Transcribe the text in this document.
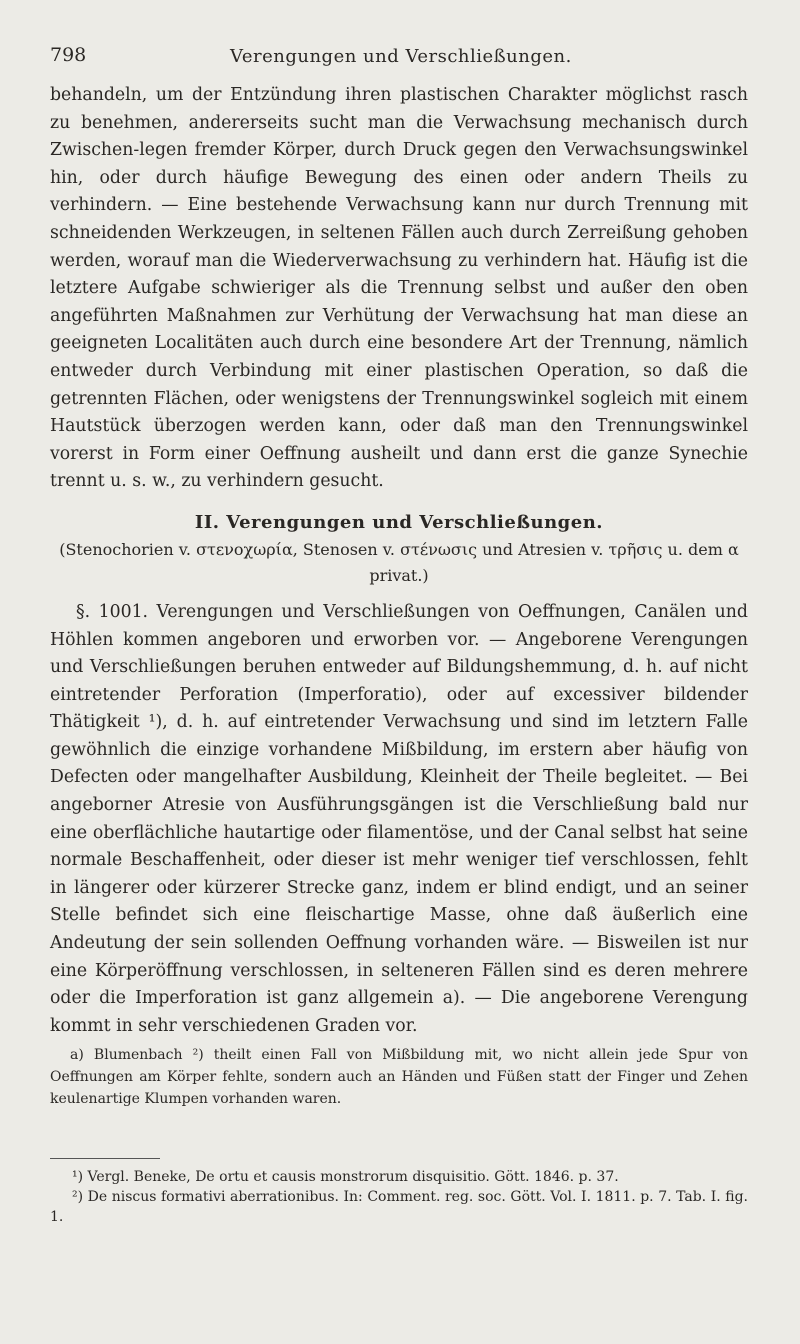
798	Verengungen und Verschließungen.

behandeln, um der Entzündung ihren plastischen Charakter möglichst rasch zu benehmen, andererseits sucht man die Verwachsung mechanisch durch Zwischen-legen fremder Körper, durch Druck gegen den Verwachsungswinkel hin, oder durch häufige Bewegung des einen oder andern Theils zu verhindern. — Eine bestehende Verwachsung kann nur durch Trennung mit schneidenden Werkzeugen, in seltenen Fällen auch durch Zerreißung gehoben werden, worauf man die Wiederverwachsung zu verhindern hat. Häufig ist die letztere Aufgabe schwieriger als die Trennung selbst und außer den oben angeführten Maßnahmen zur Verhütung der Verwachsung hat man diese an geeigneten Localitäten auch durch eine besondere Art der Trennung, nämlich entweder durch Verbindung mit einer plastischen Operation, so daß die getrennten Flächen, oder wenigstens der Trennungswinkel sogleich mit einem Hautstück überzogen werden kann, oder daß man den Trennungswinkel vorerst in Form einer Oeffnung ausheilt und dann erst die ganze Synechie trennt u. s. w., zu verhindern gesucht.

II. Verengungen und Verschließungen.
(Stenochorien v. στενοχωρία, Stenosen v. στένωσις und Atresien v. τρῆσις u. dem α privat.)

§. 1001. Verengungen und Verschließungen von Oeffnungen, Canälen und Höhlen kommen angeboren und erworben vor. — Angeborene Verengungen und Verschließungen beruhen entweder auf Bildungshemmung, d. h. auf nicht eintretender Perforation (Imperforatio), oder auf excessiver bildender Thätigkeit ¹), d. h. auf eintretender Verwachsung und sind im letztern Falle gewöhnlich die einzige vorhandene Mißbildung, im erstern aber häufig von Defecten oder mangelhafter Ausbildung, Kleinheit der Theile begleitet. — Bei angeborner Atresie von Ausführungsgängen ist die Verschließung bald nur eine oberflächliche hautartige oder filamentöse, und der Canal selbst hat seine normale Beschaffenheit, oder dieser ist mehr weniger tief verschlossen, fehlt in längerer oder kürzerer Strecke ganz, indem er blind endigt, und an seiner Stelle befindet sich eine fleischartige Masse, ohne daß äußerlich eine Andeutung der sein sollenden Oeffnung vorhanden wäre. — Bisweilen ist nur eine Körperöffnung verschlossen, in selteneren Fällen sind es deren mehrere oder die Imperforation ist ganz allgemein a). — Die angeborene Verengung kommt in sehr verschiedenen Graden vor.

a) Blumenbach ²) theilt einen Fall von Mißbildung mit, wo nicht allein jede Spur von Oeffnungen am Körper fehlte, sondern auch an Händen und Füßen statt der Finger und Zehen keulenartige Klumpen vorhanden waren.

¹) Vergl. Beneke, De ortu et causis monstrorum disquisitio. Gött. 1846. p. 37.

²) De niscus formativi aberrationibus. In: Comment. reg. soc. Gött. Vol. I. 1811. p. 7. Tab. I. fig. 1.
